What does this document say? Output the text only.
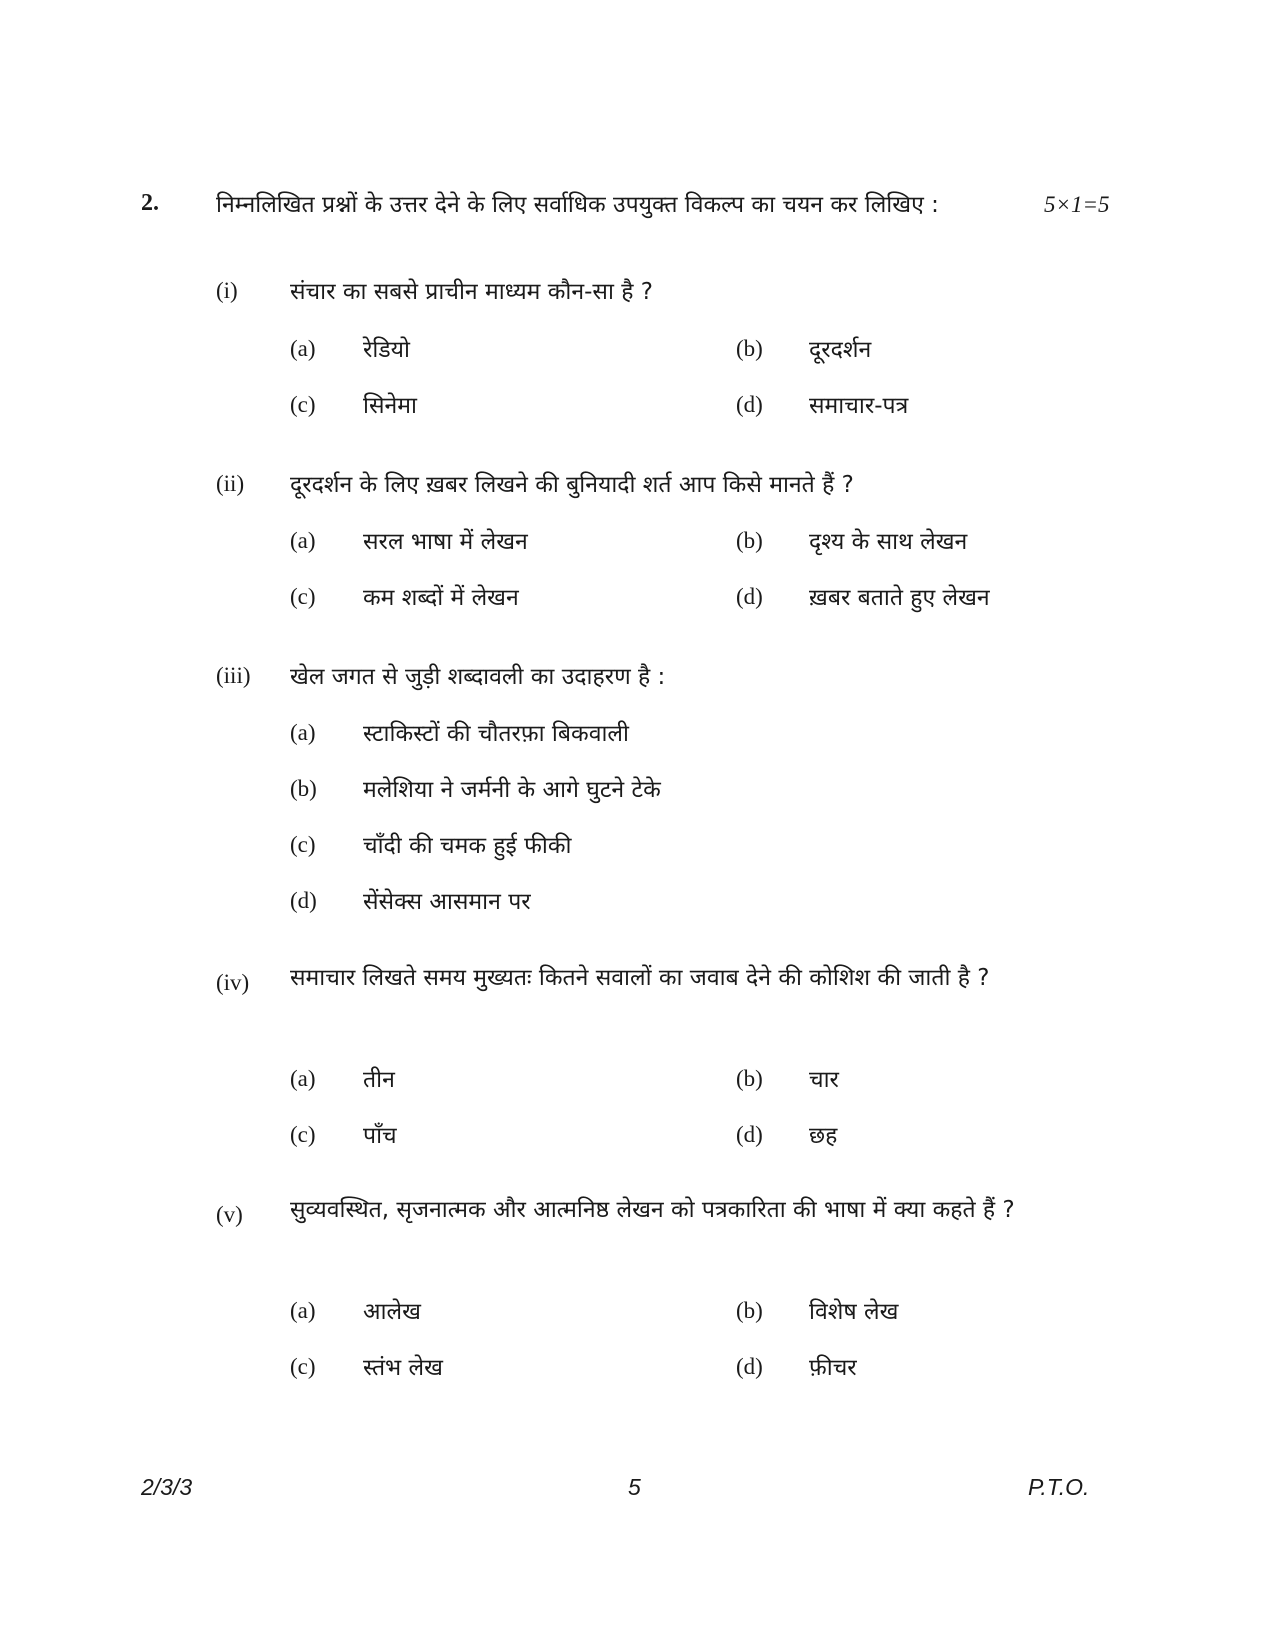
2. निम्नलिखित प्रश्नों के उत्तर देने के लिए सर्वाधिक उपयुक्त विकल्प का चयन कर लिखिए :	5×1=5
(i) संचार का सबसे प्राचीन माध्यम कौन-सा है ?
(a) रेडियो	(b) दूरदर्शन
(c) सिनेमा	(d) समाचार-पत्र
(ii) दूरदर्शन के लिए ख़बर लिखने की बुनियादी शर्त आप किसे मानते हैं ?
(a) सरल भाषा में लेखन	(b) दृश्य के साथ लेखन
(c) कम शब्दों में लेखन	(d) ख़बर बताते हुए लेखन
(iii) खेल जगत से जुड़ी शब्दावली का उदाहरण है :
(a) स्टाकिस्टों की चौतरफ़ा बिकवाली
(b) मलेशिया ने जर्मनी के आगे घुटने टेके
(c) चाँदी की चमक हुई फीकी
(d) सेंसेक्स आसमान पर
(iv) समाचार लिखते समय मुख्यतः कितने सवालों का जवाब देने की कोशिश की जाती है ?
(a) तीन	(b) चार
(c) पाँच	(d) छह
(v) सुव्यवस्थित, सृजनात्मक और आत्मनिष्ठ लेखन को पत्रकारिता की भाषा में क्या कहते हैं ?
(a) आलेख	(b) विशेष लेख
(c) स्तंभ लेख	(d) फ़ीचर
2/3/3	5	P.T.O.
